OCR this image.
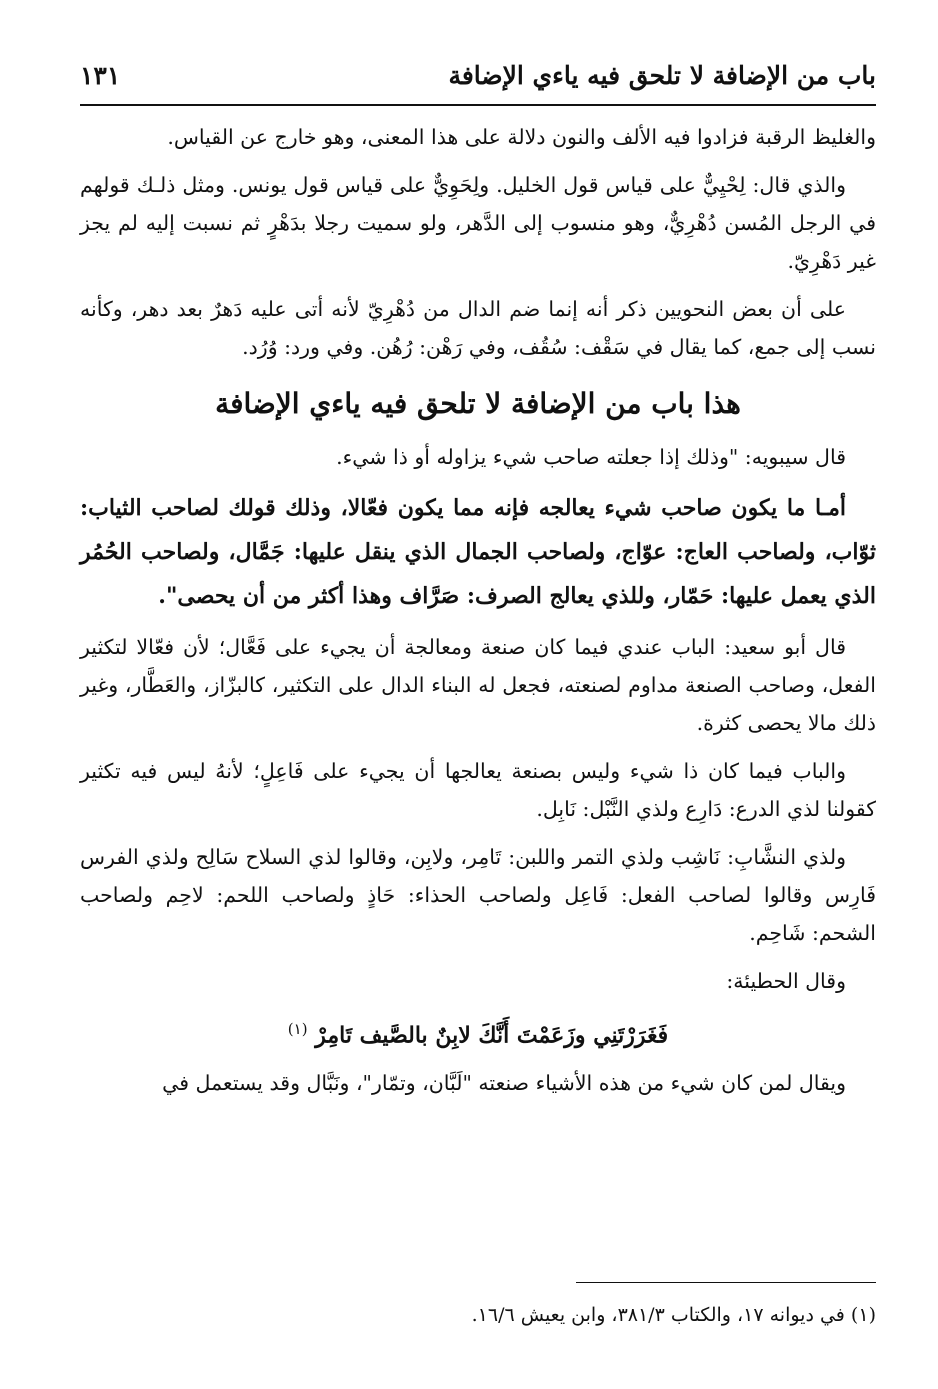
باب من الإضافة لا تلحق فيه ياءي الإضافة
١٣١

والغليظ الرقبة فزادوا فيه الألف والنون دلالة على هذا المعنى، وهو خارج عن القياس.

والذي قال: لِحْيِيٌّ على قياس قول الخليل. ولِحَوِيٌّ على قياس قول يونس. ومثل ذلـك قولهم في الرجل المُسن دُهْرِيٌّ، وهو منسوب إلى الدَّهر، ولو سميت رجلا بدَهْرٍ ثم نسبت إليه لم يجز غير دَهْرِيّ.

على أن بعض النحويين ذكر أنه إنما ضم الدال من دُهْرِيّ لأنه أتى عليه دَهرٌ بعد دهر، وكأنه نسب إلى جمع، كما يقال في سَقْف: سُقُف، وفي رَهْن: رُهُن. وفي ورد: وُرُد.

هذا باب من الإضافة لا تلحق فيه ياءي الإضافة

قال سيبويه: "وذلك إذا جعلته صاحب شيء يزاوله أو ذا شيء.

أمـا ما يكون صاحب شيء يعالجه فإنه مما يكون فعّالا، وذلك قولك لصاحب الثياب: ثوّاب، ولصاحب العاج: عوّاج، ولصاحب الجمال الذي ينقل عليها: جَمَّال، ولصاحب الحُمُر الذي يعمل عليها: حَمّار، وللذي يعالج الصرف: صَرَّاف وهذا أكثر من أن يحصى".

قال أبو سعيد: الباب عندي فيما كان صنعة ومعالجة أن يجيء على فَعَّال؛ لأن فعّالا لتكثير الفعل، وصاحب الصنعة مداوم لصنعته، فجعل له البناء الدال على التكثير، كالبزّاز، والعَطَّار، وغير ذلك مالا يحصى كثرة.

والباب فيما كان ذا شيء وليس بصنعة يعالجها أن يجيء على فَاعِلٍ؛ لأنهُ ليس فيه تكثير كقولنا لذي الدرع: دَارِع ولذي النَّبْل: نَابِل.

ولذي النشَّابِ: نَاشِب ولذي التمر واللبن: تَامِر، ولابِن، وقالوا لذي السلاح سَالِح ولذي الفرس فَارِس وقالوا لصاحب الفعل: فَاعِل ولصاحب الحذاء: حَاذٍ ولصاحب اللحم: لاحِم ولصاحب الشحم: شَاحِم.

وقال الحطيئة:

فَغَرَرْتَنِي وزَعَمْتَ أَنَّكَ لابِنٌ بالصَّيف تَامِرْ $^{(١)}$

ويقال لمن كان شيء من هذه الأشياء صنعته "لَبَّان، وتمّار"، ونَبَّال وقد يستعمل في

(١) في ديوانه ١٧، والكتاب ٣٨١/٣، وابن يعيش ١٦/٦.
